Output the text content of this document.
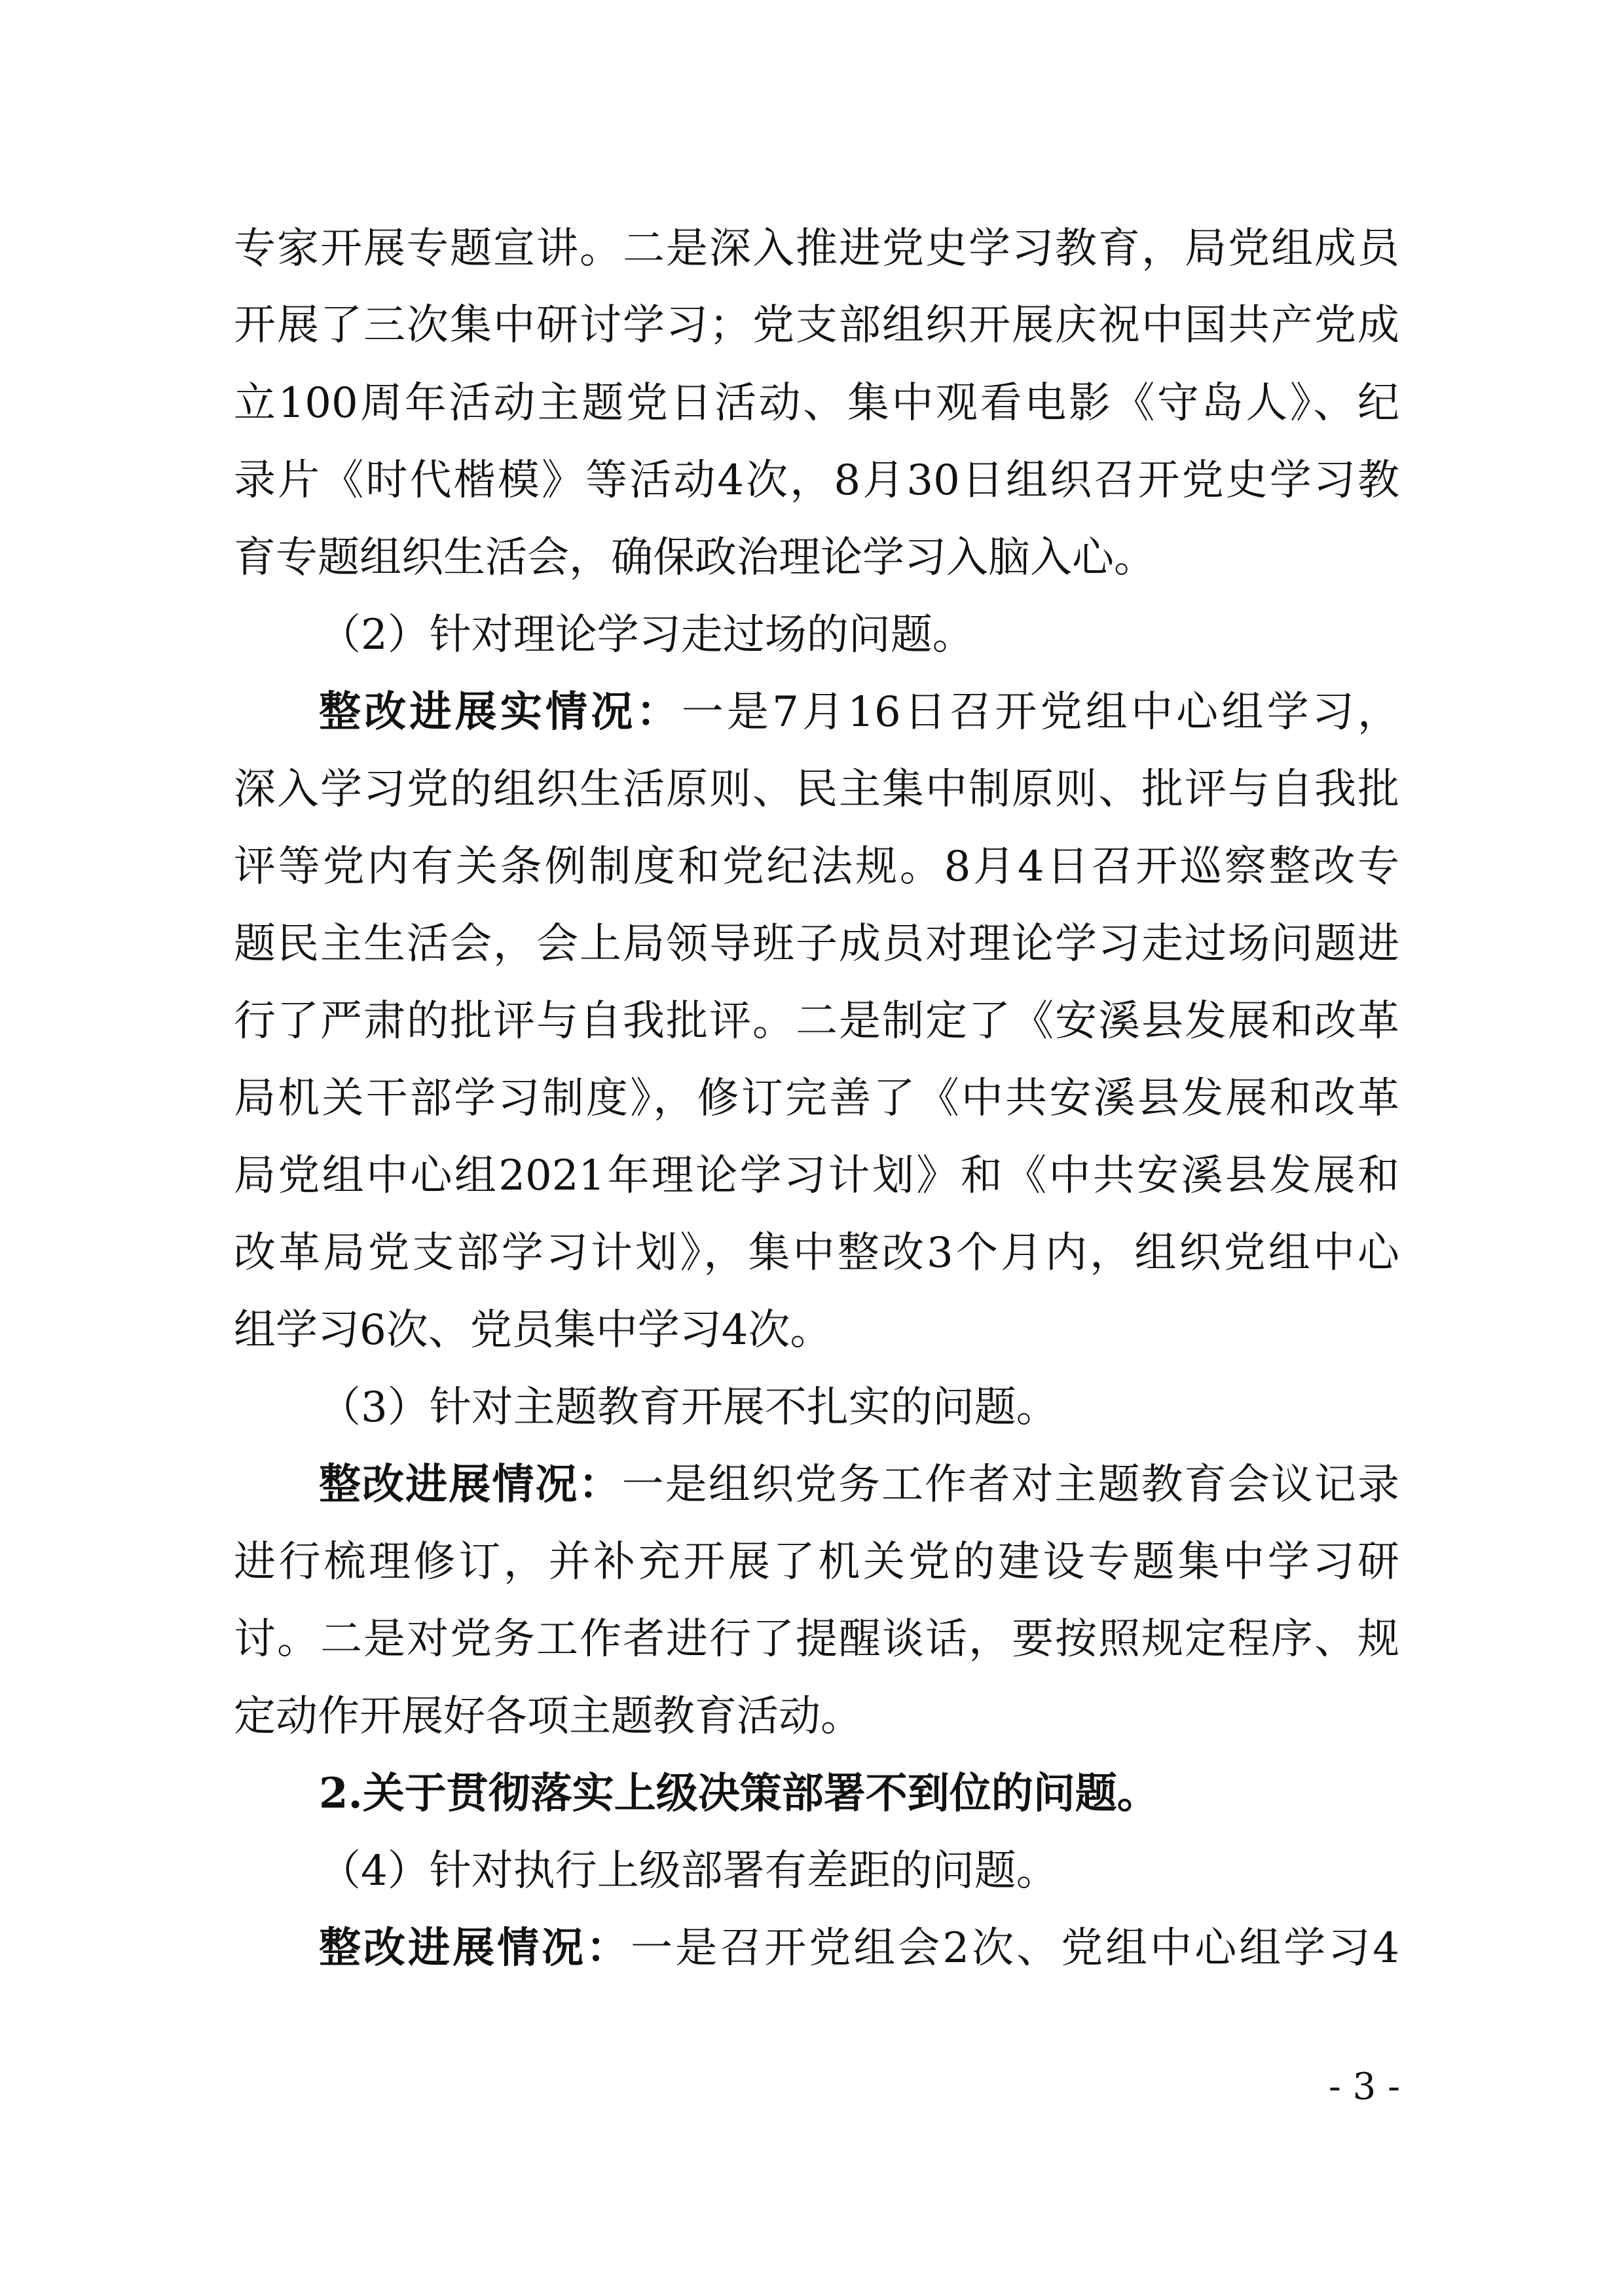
专家开展专题宣讲。二是深入推进党史学习教育，局党组成员
开展了三次集中研讨学习；党支部组织开展庆祝中国共产党成
立100周年活动主题党日活动、集中观看电影《守岛人》、纪
录片《时代楷模》等活动4次，8月30日组织召开党史学习教
育专题组织生活会，确保政治理论学习入脑入心。
（2）针对理论学习走过场的问题。
整改进展实情况：一是7月16日召开党组中心组学习，
深入学习党的组织生活原则、民主集中制原则、批评与自我批
评等党内有关条例制度和党纪法规。8月4日召开巡察整改专
题民主生活会，会上局领导班子成员对理论学习走过场问题进
行了严肃的批评与自我批评。二是制定了《安溪县发展和改革
局机关干部学习制度》，修订完善了《中共安溪县发展和改革
局党组中心组2021年理论学习计划》和《中共安溪县发展和
改革局党支部学习计划》，集中整改3个月内，组织党组中心
组学习6次、党员集中学习4次。
（3）针对主题教育开展不扎实的问题。
整改进展情况：一是组织党务工作者对主题教育会议记录
进行梳理修订，并补充开展了机关党的建设专题集中学习研
讨。二是对党务工作者进行了提醒谈话，要按照规定程序、规
定动作开展好各项主题教育活动。
2.关于贯彻落实上级决策部署不到位的问题。
（4）针对执行上级部署有差距的问题。
整改进展情况：一是召开党组会2次、党组中心组学习4
- 3 -
